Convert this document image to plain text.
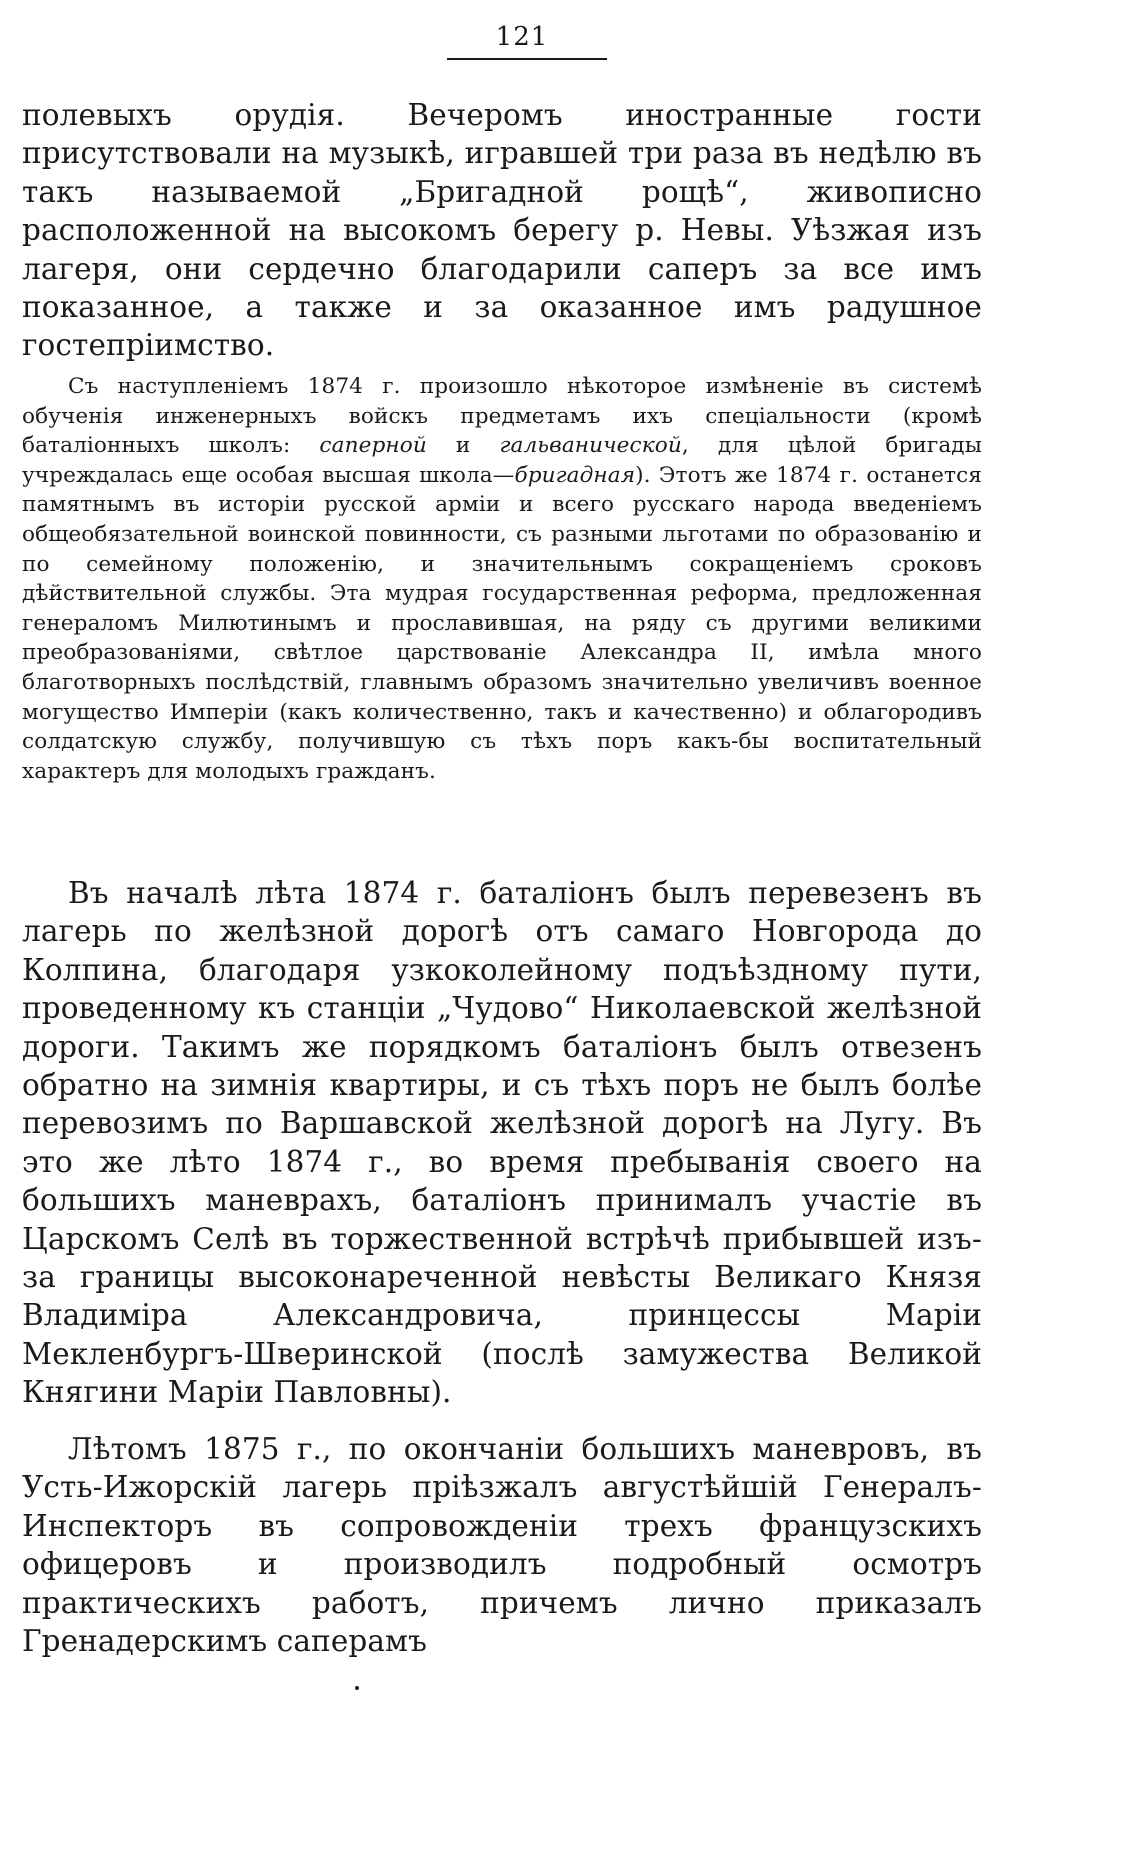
121

полевыхъ орудія. Вечеромъ иностранные гости присутствовали на музыкѣ, игравшей три раза въ недѣлю въ такъ называемой „Бригадной рощѣ“, живописно расположенной на высокомъ берегу р. Невы. Уѣзжая изъ лагеря, они сердечно благодарили саперъ за все имъ показанное, а также и за оказанное имъ радушное гостепріимство.

Съ наступленіемъ 1874 г. произошло нѣкоторое измѣненіе въ системѣ обученія инженерныхъ войскъ предметамъ ихъ спеціальности (кромѣ баталіонныхъ школъ: саперной и гальванической, для цѣлой бригады учреждалась еще особая высшая школа—бригадная). Этотъ же 1874 г. останется памятнымъ въ исторіи русской арміи и всего русскаго народа введеніемъ общеобязательной воинской повинности, съ разными льготами по образованію и по семейному положенію, и значительнымъ сокращеніемъ сроковъ дѣйствительной службы. Эта мудрая государственная реформа, предложенная генераломъ Милютинымъ и прославившая, на ряду съ другими великими преобразованіями, свѣтлое царствованіе Александра II, имѣла много благотворныхъ послѣдствій, главнымъ образомъ значительно увеличивъ военное могущество Имперіи (какъ количественно, такъ и качественно) и облагородивъ солдатскую службу, получившую съ тѣхъ поръ какъ-бы воспитательный характеръ для молодыхъ гражданъ.

Въ началѣ лѣта 1874 г. баталіонъ былъ перевезенъ въ лагерь по желѣзной дорогѣ отъ самаго Новгорода до Колпина, благодаря узкоколейному подъѣздному пути, проведенному къ станціи „Чудово“ Николаевской желѣзной дороги. Такимъ же порядкомъ баталіонъ былъ отвезенъ обратно на зимнія квартиры, и съ тѣхъ поръ не былъ болѣе перевозимъ по Варшавской желѣзной дорогѣ на Лугу. Въ это же лѣто 1874 г., во время пребыванія своего на большихъ маневрахъ, баталіонъ принималъ участіе въ Царскомъ Селѣ въ торжественной встрѣчѣ прибывшей изъ-за границы высоконареченной невѣсты Великаго Князя Владиміра Александровича, принцессы Маріи Мекленбургъ-Шверинской (послѣ замужества Великой Княгини Маріи Павловны).

Лѣтомъ 1875 г., по окончаніи большихъ маневровъ, въ Усть-Ижорскій лагерь пріѣзжалъ августѣйшій Генералъ-Инспекторъ въ сопровожденіи трехъ французскихъ офицеровъ и производилъ подробный осмотръ практическихъ работъ, причемъ лично приказалъ Гренадерскимъ саперамъ
